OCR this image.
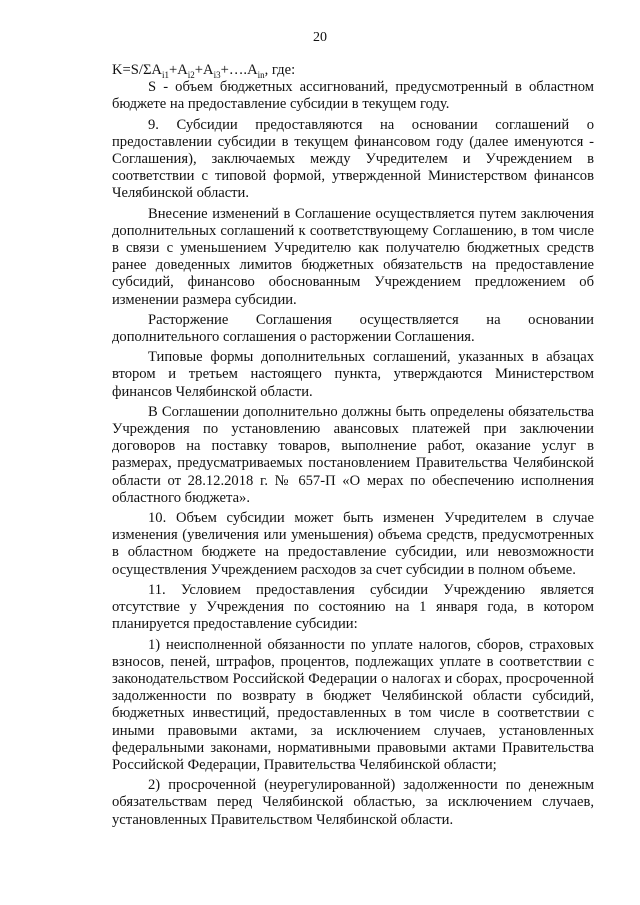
20

$K=S/\Sigma A_{i1}+A_{i2}+A_{i3}+\dots.A_{in}$, где:

S - объем бюджетных ассигнований, предусмотренный в областном бюджете на предоставление субсидии в текущем году.

9. Субсидии предоставляются на основании соглашений о предоставлении субсидии в текущем финансовом году (далее именуются - Соглашения), заключаемых между Учредителем и Учреждением в соответствии с типовой формой, утвержденной Министерством финансов Челябинской области.

Внесение изменений в Соглашение осуществляется путем заключения дополнительных соглашений к соответствующему Соглашению, в том числе в связи с уменьшением Учредителю как получателю бюджетных средств ранее доведенных лимитов бюджетных обязательств на предоставление субсидий, финансово обоснованным Учреждением предложением об изменении размера субсидии.

Расторжение Соглашения осуществляется на основании дополнительного соглашения о расторжении Соглашения.

Типовые формы дополнительных соглашений, указанных в абзацах втором и третьем настоящего пункта, утверждаются Министерством финансов Челябинской области.

В Соглашении дополнительно должны быть определены обязательства Учреждения по установлению авансовых платежей при заключении договоров на поставку товаров, выполнение работ, оказание услуг в размерах, предусматриваемых постановлением Правительства Челябинской области от 28.12.2018 г. № 657-П «О мерах по обеспечению исполнения областного бюджета».

10. Объем субсидии может быть изменен Учредителем в случае изменения (увеличения или уменьшения) объема средств, предусмотренных в областном бюджете на предоставление субсидии, или невозможности осуществления Учреждением расходов за счет субсидии в полном объеме.

11. Условием предоставления субсидии Учреждению является отсутствие у Учреждения по состоянию на 1 января года, в котором планируется предоставление субсидии:

1) неисполненной обязанности по уплате налогов, сборов, страховых взносов, пеней, штрафов, процентов, подлежащих уплате в соответствии с законодательством Российской Федерации о налогах и сборах, просроченной задолженности по возврату в бюджет Челябинской области субсидий, бюджетных инвестиций, предоставленных в том числе в соответствии с иными правовыми актами, за исключением случаев, установленных федеральными законами, нормативными правовыми актами Правительства Российской Федерации, Правительства Челябинской области;

2) просроченной (неурегулированной) задолженности по денежным обязательствам перед Челябинской областью, за исключением случаев, установленных Правительством Челябинской области.
